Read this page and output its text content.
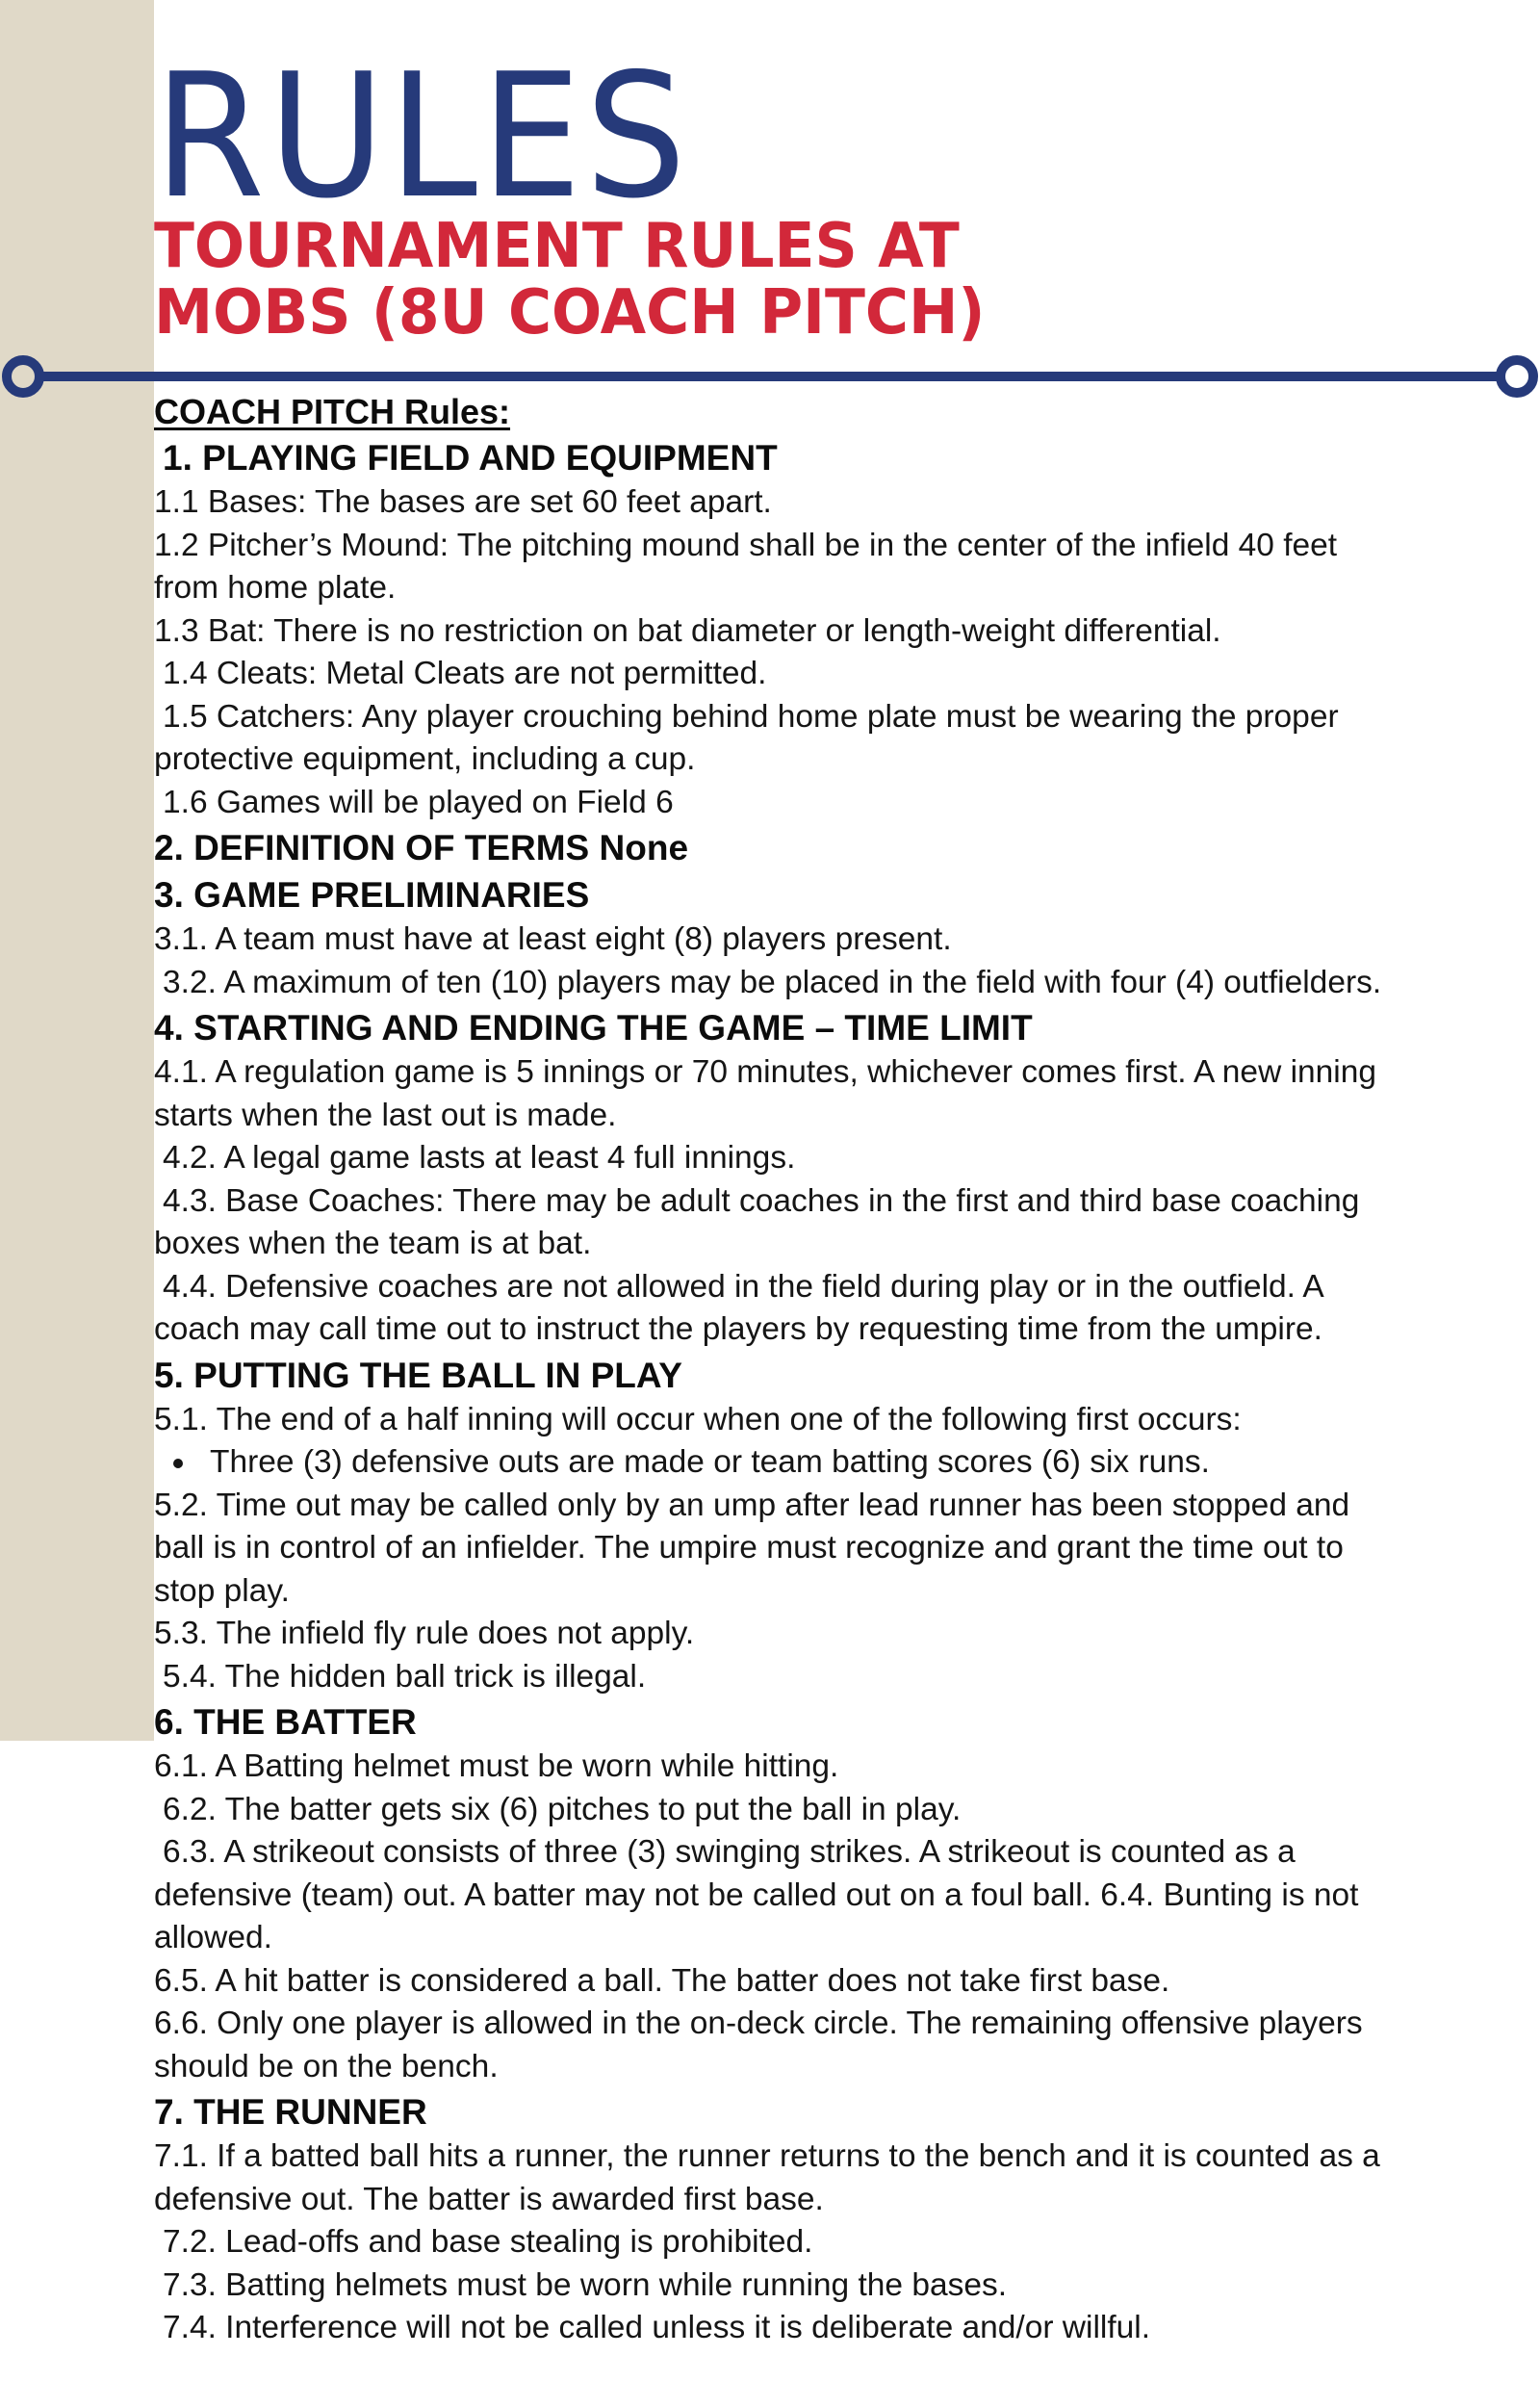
RULES
TOURNAMENT RULES AT
MOBS (8U COACH PITCH)
COACH PITCH Rules:
1. PLAYING FIELD AND EQUIPMENT
1.1 Bases: The bases are set 60 feet apart.
1.2 Pitcher’s Mound: The pitching mound shall be in the center of the infield 40 feet
from home plate.
1.3 Bat: There is no restriction on bat diameter or length-weight differential.
1.4 Cleats: Metal Cleats are not permitted.
1.5 Catchers: Any player crouching behind home plate must be wearing the proper
protective equipment, including a cup.
1.6 Games will be played on Field 6
2. DEFINITION OF TERMS None
3. GAME PRELIMINARIES
3.1. A team must have at least eight (8) players present.
3.2. A maximum of ten (10) players may be placed in the field with four (4) outfielders.
4. STARTING AND ENDING THE GAME – TIME LIMIT
4.1. A regulation game is 5 innings or 70 minutes, whichever comes first. A new inning
starts when the last out is made.
4.2. A legal game lasts at least 4 full innings.
4.3. Base Coaches: There may be adult coaches in the first and third base coaching
boxes when the team is at bat.
4.4. Defensive coaches are not allowed in the field during play or in the outfield. A
coach may call time out to instruct the players by requesting time from the umpire.
5. PUTTING THE BALL IN PLAY
5.1. The end of a half inning will occur when one of the following first occurs:
Three (3) defensive outs are made or team batting scores (6) six runs.
5.2. Time out may be called only by an ump after lead runner has been stopped and
ball is in control of an infielder. The umpire must recognize and grant the time out to
stop play.
5.3. The infield fly rule does not apply.
5.4. The hidden ball trick is illegal.
6. THE BATTER
6.1. A Batting helmet must be worn while hitting.
6.2. The batter gets six (6) pitches to put the ball in play.
6.3. A strikeout consists of three (3) swinging strikes. A strikeout is counted as a
defensive (team) out. A batter may not be called out on a foul ball. 6.4. Bunting is not
allowed.
6.5. A hit batter is considered a ball. The batter does not take first base.
6.6. Only one player is allowed in the on-deck circle. The remaining offensive players
should be on the bench.
7. THE RUNNER
7.1. If a batted ball hits a runner, the runner returns to the bench and it is counted as a
defensive out. The batter is awarded first base.
7.2. Lead-offs and base stealing is prohibited.
7.3. Batting helmets must be worn while running the bases.
7.4. Interference will not be called unless it is deliberate and/or willful.
